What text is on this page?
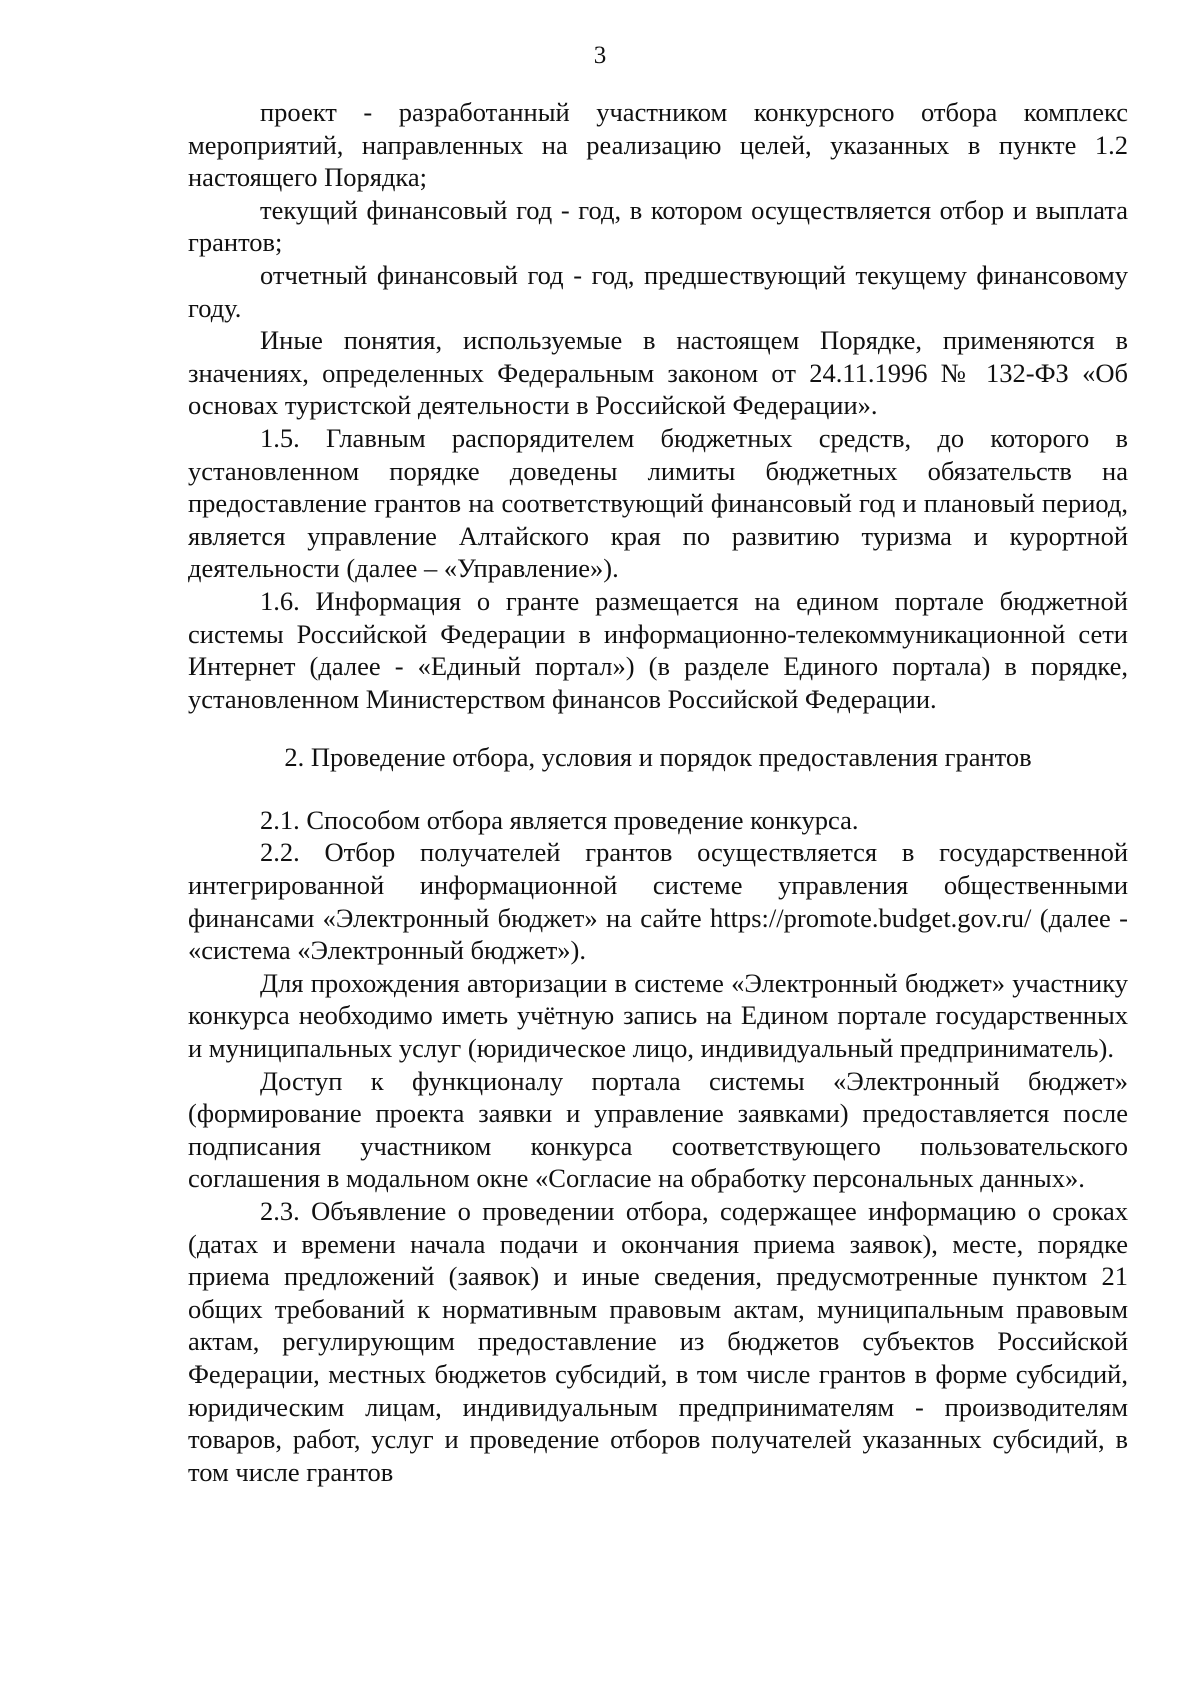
3

проект - разработанный участником конкурсного отбора комплекс мероприятий, направленных на реализацию целей, указанных в пункте 1.2 настоящего Порядка;

текущий финансовый год - год, в котором осуществляется отбор и выплата грантов;

отчетный финансовый год - год, предшествующий текущему финансовому году.

Иные понятия, используемые в настоящем Порядке, применяются в значениях, определенных Федеральным законом от 24.11.1996 № 132-ФЗ «Об основах туристской деятельности в Российской Федерации».

1.5. Главным распорядителем бюджетных средств, до которого в установленном порядке доведены лимиты бюджетных обязательств на предоставление грантов на соответствующий финансовый год и плановый период, является управление Алтайского края по развитию туризма и курортной деятельности (далее – «Управление»).

1.6. Информация о гранте размещается на едином портале бюджетной системы Российской Федерации в информационно-телекоммуникационной сети Интернет (далее - «Единый портал») (в разделе Единого портала) в порядке, установленном Министерством финансов Российской Федерации.

2. Проведение отбора, условия и порядок предоставления грантов

2.1. Способом отбора является проведение конкурса.

2.2. Отбор получателей грантов осуществляется в государственной интегрированной информационной системе управления общественными финансами «Электронный бюджет» на сайте https://promote.budget.gov.ru/ (далее - «система «Электронный бюджет»).

Для прохождения авторизации в системе «Электронный бюджет» участнику конкурса необходимо иметь учётную запись на Едином портале государственных и муниципальных услуг (юридическое лицо, индивидуальный предприниматель).

Доступ к функционалу портала системы «Электронный бюджет» (формирование проекта заявки и управление заявками) предоставляется после подписания участником конкурса соответствующего пользовательского соглашения в модальном окне «Согласие на обработку персональных данных».

2.3. Объявление о проведении отбора, содержащее информацию о сроках (датах и времени начала подачи и окончания приема заявок), месте, порядке приема предложений (заявок) и иные сведения, предусмотренные пунктом 21 общих требований к нормативным правовым актам, муниципальным правовым актам, регулирующим предоставление из бюджетов субъектов Российской Федерации, местных бюджетов субсидий, в том числе грантов в форме субсидий, юридическим лицам, индивидуальным предпринимателям - производителям товаров, работ, услуг и проведение отборов получателей указанных субсидий, в том числе грантов
